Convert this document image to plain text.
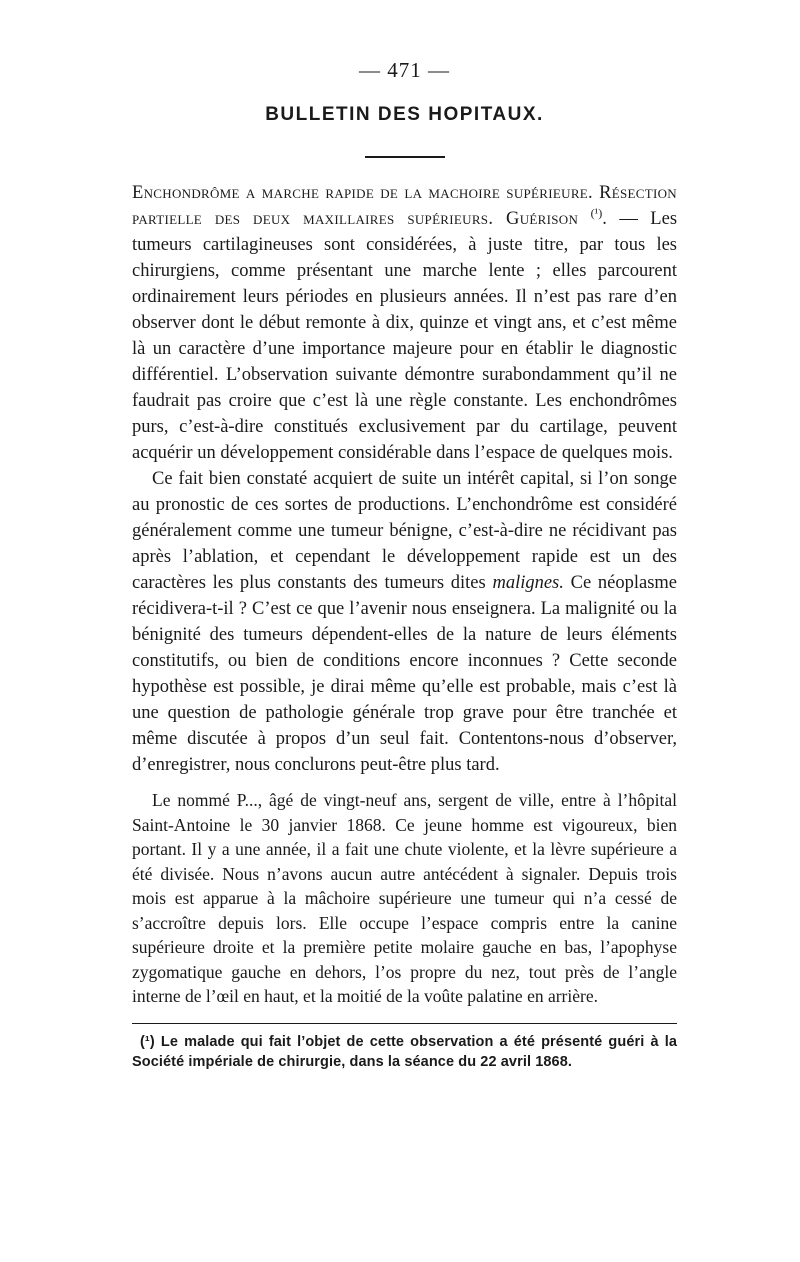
— 471 —
BULLETIN DES HOPITAUX.

Enchondrôme a marche rapide de la machoire supérieure. Résection partielle des deux maxillaires supérieurs. Guérison $^{(^1)}$. — Les tumeurs cartilagineuses sont considérées, à juste titre, par tous les chirurgiens, comme présentant une marche lente ; elles parcourent ordinairement leurs périodes en plusieurs années. Il n’est pas rare d’en observer dont le début remonte à dix, quinze et vingt ans, et c’est même là un caractère d’une importance majeure pour en établir le diagnostic différentiel. L’observation suivante démontre surabondamment qu’il ne faudrait pas croire que c’est là une règle constante. Les enchondrômes purs, c’est-à-dire constitués exclusivement par du cartilage, peuvent acquérir un développement considérable dans l’espace de quelques mois.

Ce fait bien constaté acquiert de suite un intérêt capital, si l’on songe au pronostic de ces sortes de productions. L’enchondrôme est considéré généralement comme une tumeur bénigne, c’est-à-dire ne récidivant pas après l’ablation, et cependant le développement rapide est un des caractères les plus constants des tumeurs dites malignes. Ce néoplasme récidivera-t-il ? C’est ce que l’avenir nous enseignera. La malignité ou la bénignité des tumeurs dépendent-elles de la nature de leurs éléments constitutifs, ou bien de conditions encore inconnues ? Cette seconde hypothèse est possible, je dirai même qu’elle est probable, mais c’est là une question de pathologie générale trop grave pour être tranchée et même discutée à propos d’un seul fait. Contentons-nous d’observer, d’enregistrer, nous conclurons peut-être plus tard.

Le nommé P..., âgé de vingt-neuf ans, sergent de ville, entre à l’hôpital Saint-Antoine le 30 janvier 1868. Ce jeune homme est vigoureux, bien portant. Il y a une année, il a fait une chute violente, et la lèvre supérieure a été divisée. Nous n’avons aucun autre antécédent à signaler. Depuis trois mois est apparue à la mâchoire supérieure une tumeur qui n’a cessé de s’accroître depuis lors. Elle occupe l’espace compris entre la canine supérieure droite et la première petite molaire gauche en bas, l’apophyse zygomatique gauche en dehors, l’os propre du nez, tout près de l’angle interne de l’œil en haut, et la moitié de la voûte palatine en arrière.

(¹) Le malade qui fait l’objet de cette observation a été présenté guéri à la Société impériale de chirurgie, dans la séance du 22 avril 1868.
